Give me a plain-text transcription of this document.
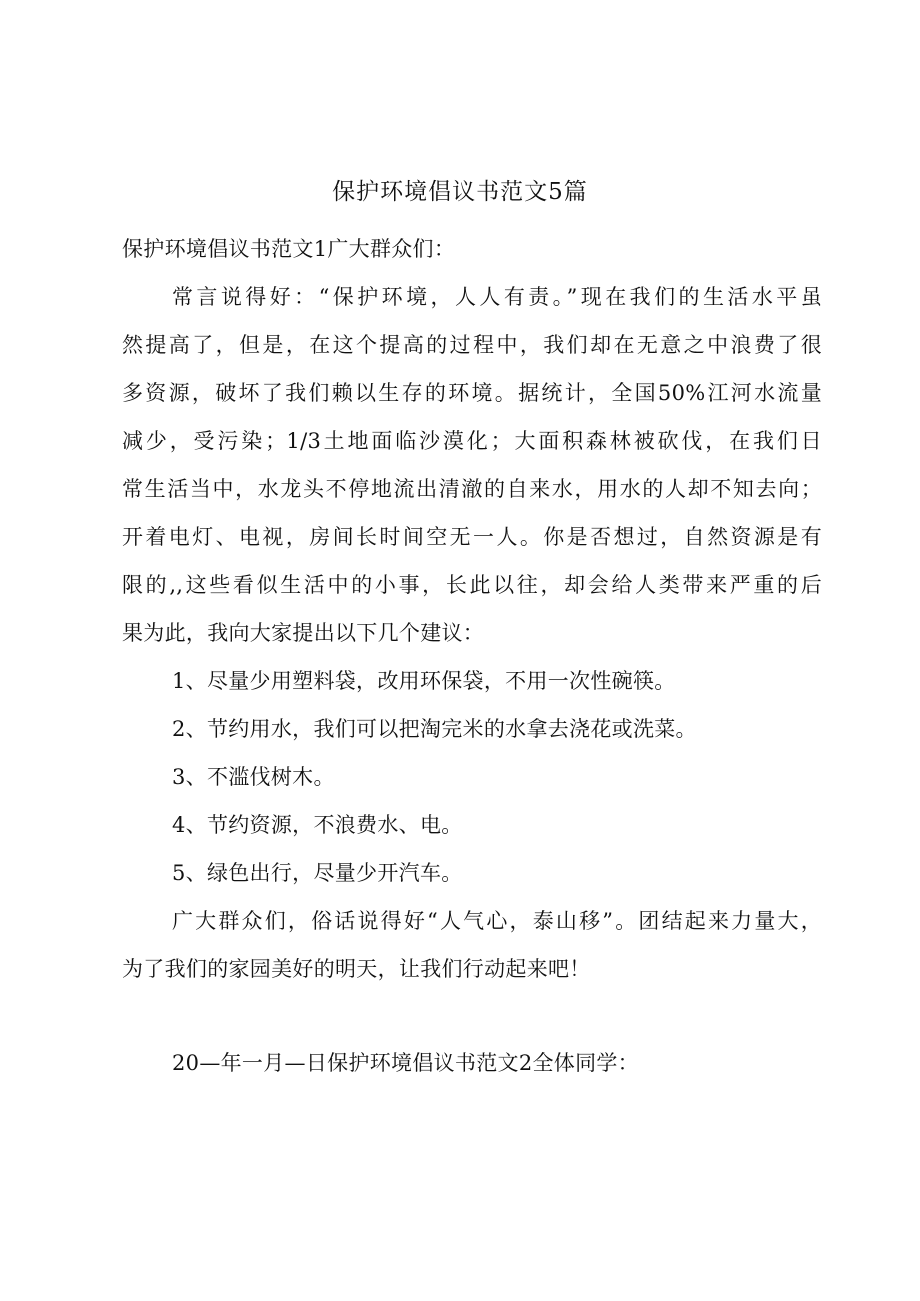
保护环境倡议书范文5篇

保护环境倡议书范文1广大群众们：

常言说得好：“保护环境，人人有责。”现在我们的生活水平虽

然提高了，但是，在这个提高的过程中，我们却在无意之中浪费了很

多资源，破坏了我们赖以生存的环境。据统计，全国50%江河水流量

减少，受污染；1/3土地面临沙漠化；大面积森林被砍伐，在我们日

常生活当中，水龙头不停地流出清澈的自来水，用水的人却不知去向；

开着电灯、电视，房间长时间空无一人。你是否想过，自然资源是有

限的,,这些看似生活中的小事，长此以往，却会给人类带来严重的后

果为此，我向大家提出以下几个建议：

1、尽量少用塑料袋，改用环保袋，不用一次性碗筷。

2、节约用水，我们可以把淘完米的水拿去浇花或洗菜。

3、不滥伐树木。

4、节约资源，不浪费水、电。

5、绿色出行，尽量少开汽车。

广大群众们，俗话说得好“人气心，泰山移”。团结起来力量大，

为了我们的家园美好的明天，让我们行动起来吧！

20—年一月—日保护环境倡议书范文2全体同学：
